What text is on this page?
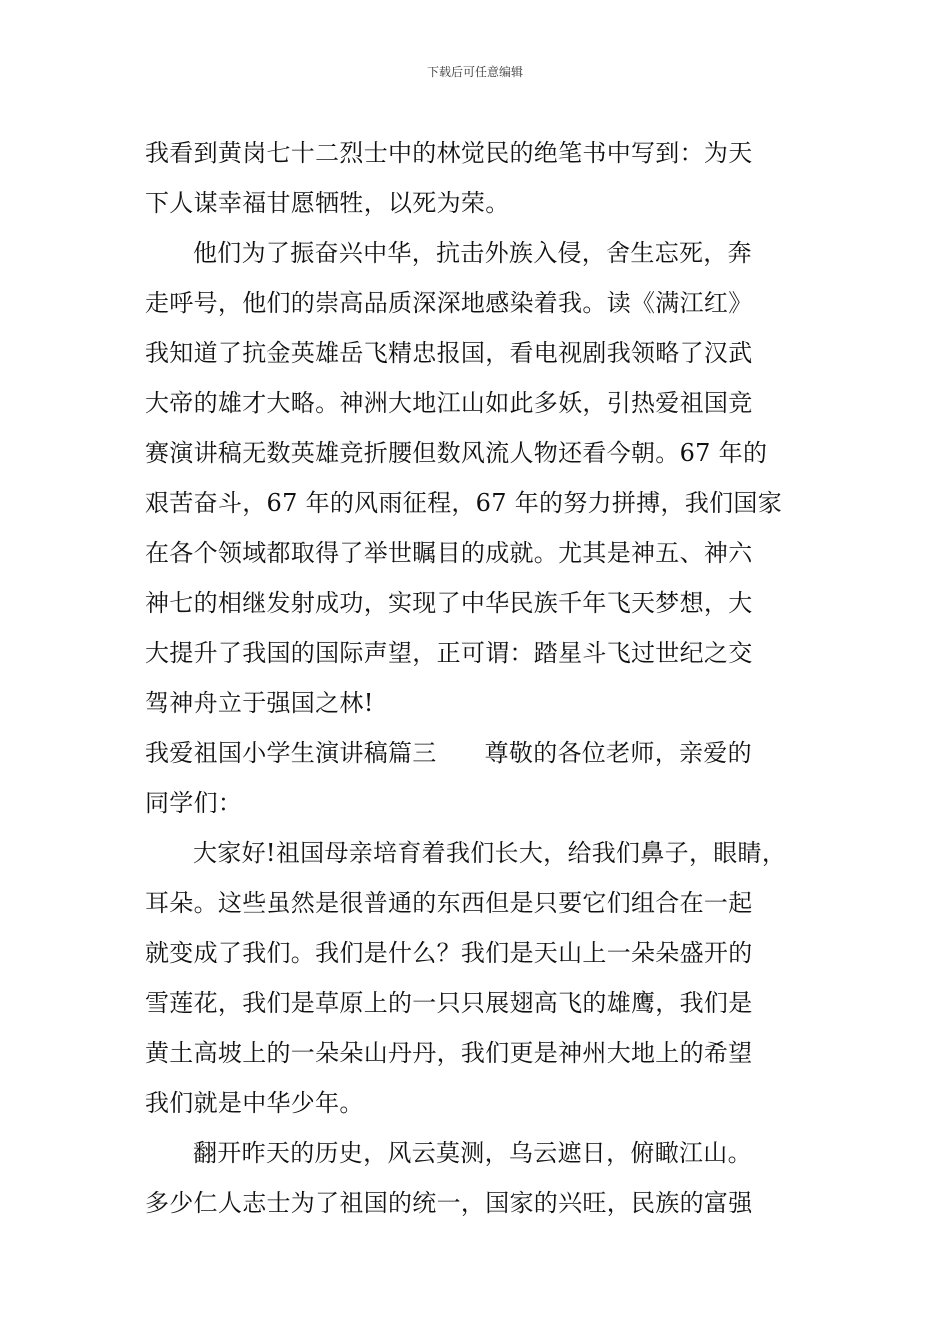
下载后可任意编辑
我看到黄岗七十二烈士中的林觉民的绝笔书中写到：为天
下人谋幸福甘愿牺牲，以死为荣。
他们为了振奋兴中华，抗击外族入侵，舍生忘死，奔
走呼号，他们的崇高品质深深地感染着我。读《满江红》
我知道了抗金英雄岳飞精忠报国，看电视剧我领略了汉武
大帝的雄才大略。神洲大地江山如此多妖，引热爱祖国竞
赛演讲稿无数英雄竞折腰但数风流人物还看今朝。67 年的
艰苦奋斗，67 年的风雨征程，67 年的努力拼搏，我们国家
在各个领域都取得了举世瞩目的成就。尤其是神五、神六
神七的相继发射成功，实现了中华民族千年飞天梦想，大
大提升了我国的国际声望，正可谓：踏星斗飞过世纪之交
驾神舟立于强国之林!
我爱祖国小学生演讲稿篇三 尊敬的各位老师，亲爱的
同学们：
大家好!祖国母亲培育着我们长大，给我们鼻子，眼睛，
耳朵。这些虽然是很普通的东西但是只要它们组合在一起
就变成了我们。我们是什么？我们是天山上一朵朵盛开的
雪莲花，我们是草原上的一只只展翅高飞的雄鹰，我们是
黄土高坡上的一朵朵山丹丹，我们更是神州大地上的希望
我们就是中华少年。
翻开昨天的历史，风云莫测，乌云遮日，俯瞰江山。
多少仁人志士为了祖国的统一，国家的兴旺，民族的富强
